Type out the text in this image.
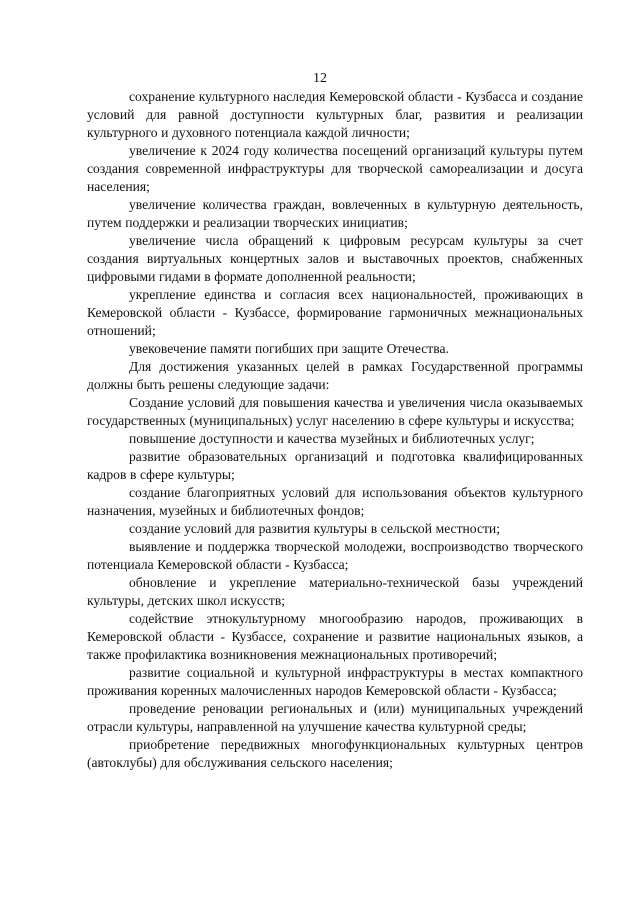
12

сохранение культурного наследия Кемеровской области - Кузбасса и создание условий для равной доступности культурных благ, развития и реализации культурного и духовного потенциала каждой личности;

увеличение к 2024 году количества посещений организаций культуры путем создания современной инфраструктуры для творческой самореализации и досуга населения;

увеличение количества граждан, вовлеченных в культурную деятельность, путем поддержки и реализации творческих инициатив;

увеличение числа обращений к цифровым ресурсам культуры за счет создания виртуальных концертных залов и выставочных проектов, снабженных цифровыми гидами в формате дополненной реальности;

укрепление единства и согласия всех национальностей, проживающих в Кемеровской области - Кузбассе, формирование гармоничных межнациональных отношений;

увековечение памяти погибших при защите Отечества.

Для достижения указанных целей в рамках Государственной программы должны быть решены следующие задачи:

Создание условий для повышения качества и увеличения числа оказываемых государственных (муниципальных) услуг населению в сфере культуры и искусства;

повышение доступности и качества музейных и библиотечных услуг;

развитие образовательных организаций и подготовка квалифицированных кадров в сфере культуры;

создание благоприятных условий для использования объектов культурного назначения, музейных и библиотечных фондов;

создание условий для развития культуры в сельской местности;

выявление и поддержка творческой молодежи, воспроизводство творческого потенциала Кемеровской области - Кузбасса;

обновление и укрепление материально-технической базы учреждений культуры, детских школ искусств;

содействие этнокультурному многообразию народов, проживающих в Кемеровской области - Кузбассе, сохранение и развитие национальных языков, а также профилактика возникновения межнациональных противоречий;

развитие социальной и культурной инфраструктуры в местах компактного проживания коренных малочисленных народов Кемеровской области - Кузбасса;

проведение реновации региональных и (или) муниципальных учреждений отрасли культуры, направленной на улучшение качества культурной среды;

приобретение передвижных многофункциональных культурных центров (автоклубы) для обслуживания сельского населения;
